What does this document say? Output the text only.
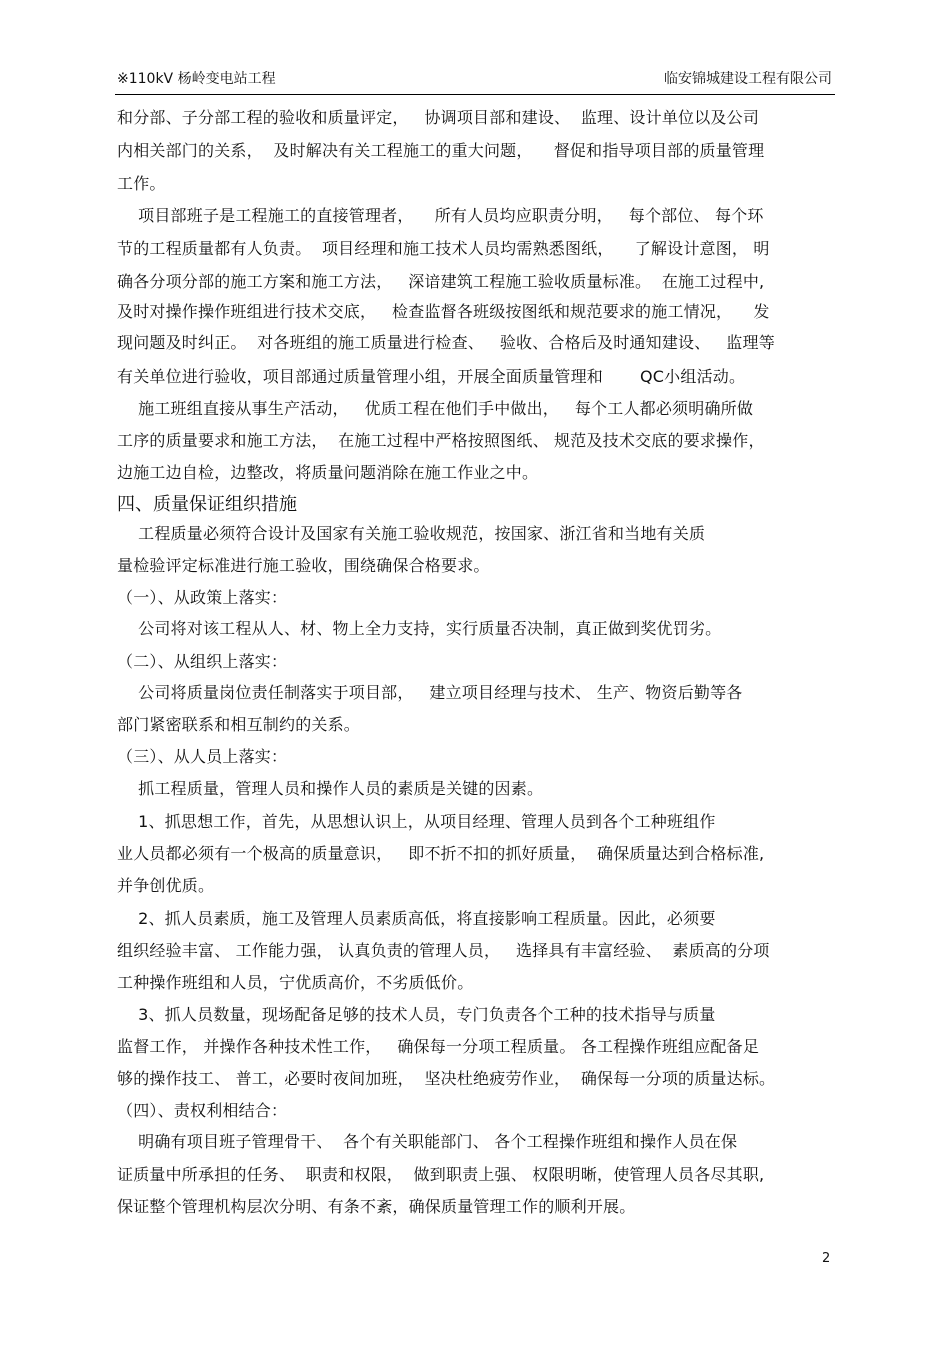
※110kV 杨岭变电站工程	临安锦城建设工程有限公司
和分部、子分部工程的验收和质量评定，   协调项目部和建设、  监理、设计单位以及公司
内相关部门的关系，  及时解决有关工程施工的重大问题，    督促和指导项目部的质量管理
工作。
项目部班子是工程施工的直接管理者，    所有人员均应职责分明，   每个部位、 每个环
节的工程质量都有人负责。  项目经理和施工技术人员均需熟悉图纸，    了解设计意图， 明
确各分项分部的施工方案和施工方法，   深谙建筑工程施工验收质量标准。  在施工过程中,
及时对操作操作班组进行技术交底，   检查监督各班级按图纸和规范要求的施工情况，    发
现问题及时纠正。  对各班组的施工质量进行检查、   验收、合格后及时通知建设、   监理等
有关单位进行验收，项目部通过质量管理小组，开展全面质量管理和       QC小组活动。
施工班组直接从事生产活动，   优质工程在他们手中做出，   每个工人都必须明确所做
工序的质量要求和施工方法，  在施工过程中严格按照图纸、 规范及技术交底的要求操作，
边施工边自检，边整改，将质量问题消除在施工作业之中。
工程质量必须符合设计及国家有关施工验收规范，按国家、浙江省和当地有关质
量检验评定标准进行施工验收，围绕确保合格要求。
（一）、从政策上落实：
公司将对该工程从人、材、物上全力支持，实行质量否决制，真正做到奖优罚劣。
（二）、从组织上落实：
公司将质量岗位责任制落实于项目部，   建立项目经理与技术、 生产、物资后勤等各
部门紧密联系和相互制约的关系。
（三）、从人员上落实：
抓工程质量，管理人员和操作人员的素质是关键的因素。
1、抓思想工作，首先，从思想认识上，从项目经理、管理人员到各个工种班组作
业人员都必须有一个极高的质量意识，   即不折不扣的抓好质量，  确保质量达到合格标准,
并争创优质。
2、抓人员素质，施工及管理人员素质高低，将直接影响工程质量。因此，必须要
组织经验丰富、 工作能力强， 认真负责的管理人员，   选择具有丰富经验、  素质高的分项
工种操作班组和人员，宁优质高价，不劣质低价。
3、抓人员数量，现场配备足够的技术人员，专门负责各个工种的技术指导与质量
监督工作， 并操作各种技术性工作，   确保每一分项工程质量。 各工程操作班组应配备足
够的操作技工、 普工，必要时夜间加班，  坚决杜绝疲劳作业，  确保每一分项的质量达标。
（四）、责权利相结合：
明确有项目班子管理骨干、  各个有关职能部门、 各个工程操作班组和操作人员在保
证质量中所承担的任务、  职责和权限，  做到职责上强、 权限明晰，使管理人员各尽其职,
保证整个管理机构层次分明、有条不紊，确保质量管理工作的顺利开展。
四、质量保证组织措施
2
